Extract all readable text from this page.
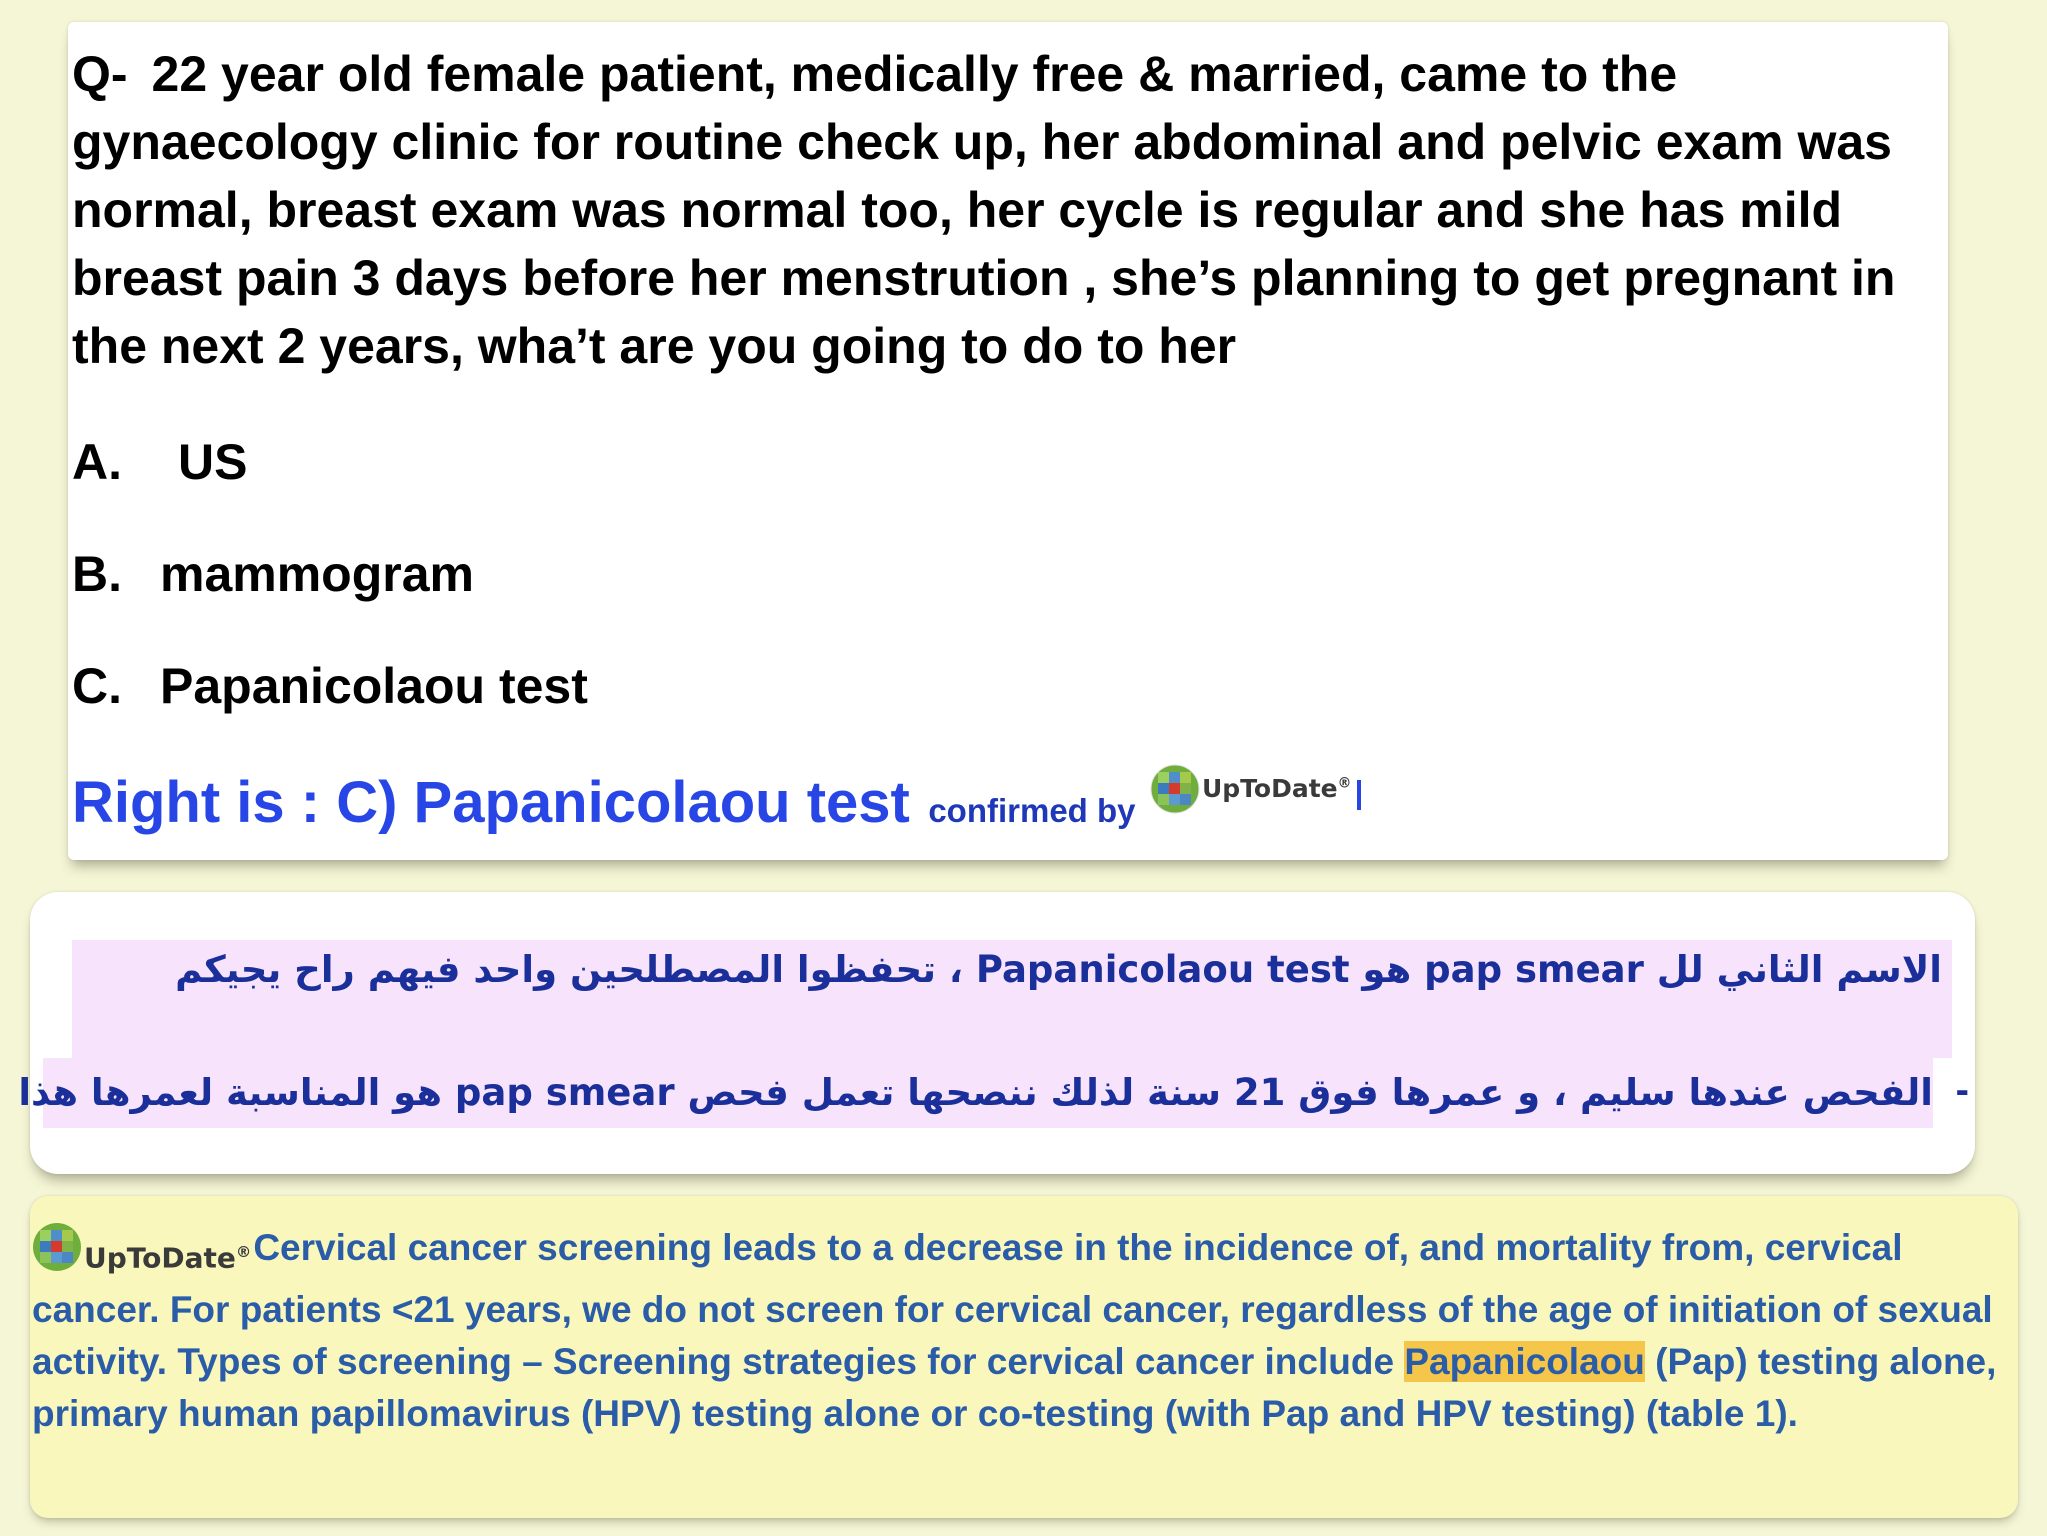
Q- 22 year old female patient, medically free & married, came to the gynaecology clinic for routine check up, her abdominal and pelvic exam was normal, breast exam was normal too, her cycle is regular and she has mild breast pain 3 days before her menstrution , she’s planning to get pregnant in the next 2 years, wha’t are you going to do to her
A. US
B. mammogram
C. Papanicolaou test
Right is : C) Papanicolaou test confirmed by
UpToDate®
الاسم الثاني لل pap smear هو Papanicolaou test ، تحفظوا المصطلحين واحد فيهم راح يجيكم
الفحص عندها سليم ، و عمرها فوق 21 سنة لذلك ننصحها تعمل فحص pap smear هو المناسبة لعمرها هذا -
UpToDate® Cervical cancer screening leads to a decrease in the incidence of, and mortality from, cervical cancer. For patients <21 years, we do not screen for cervical cancer, regardless of the age of initiation of sexual activity. Types of screening – Screening strategies for cervical cancer include Papanicolaou (Pap) testing alone, primary human papillomavirus (HPV) testing alone or co-testing (with Pap and HPV testing) (table 1).
